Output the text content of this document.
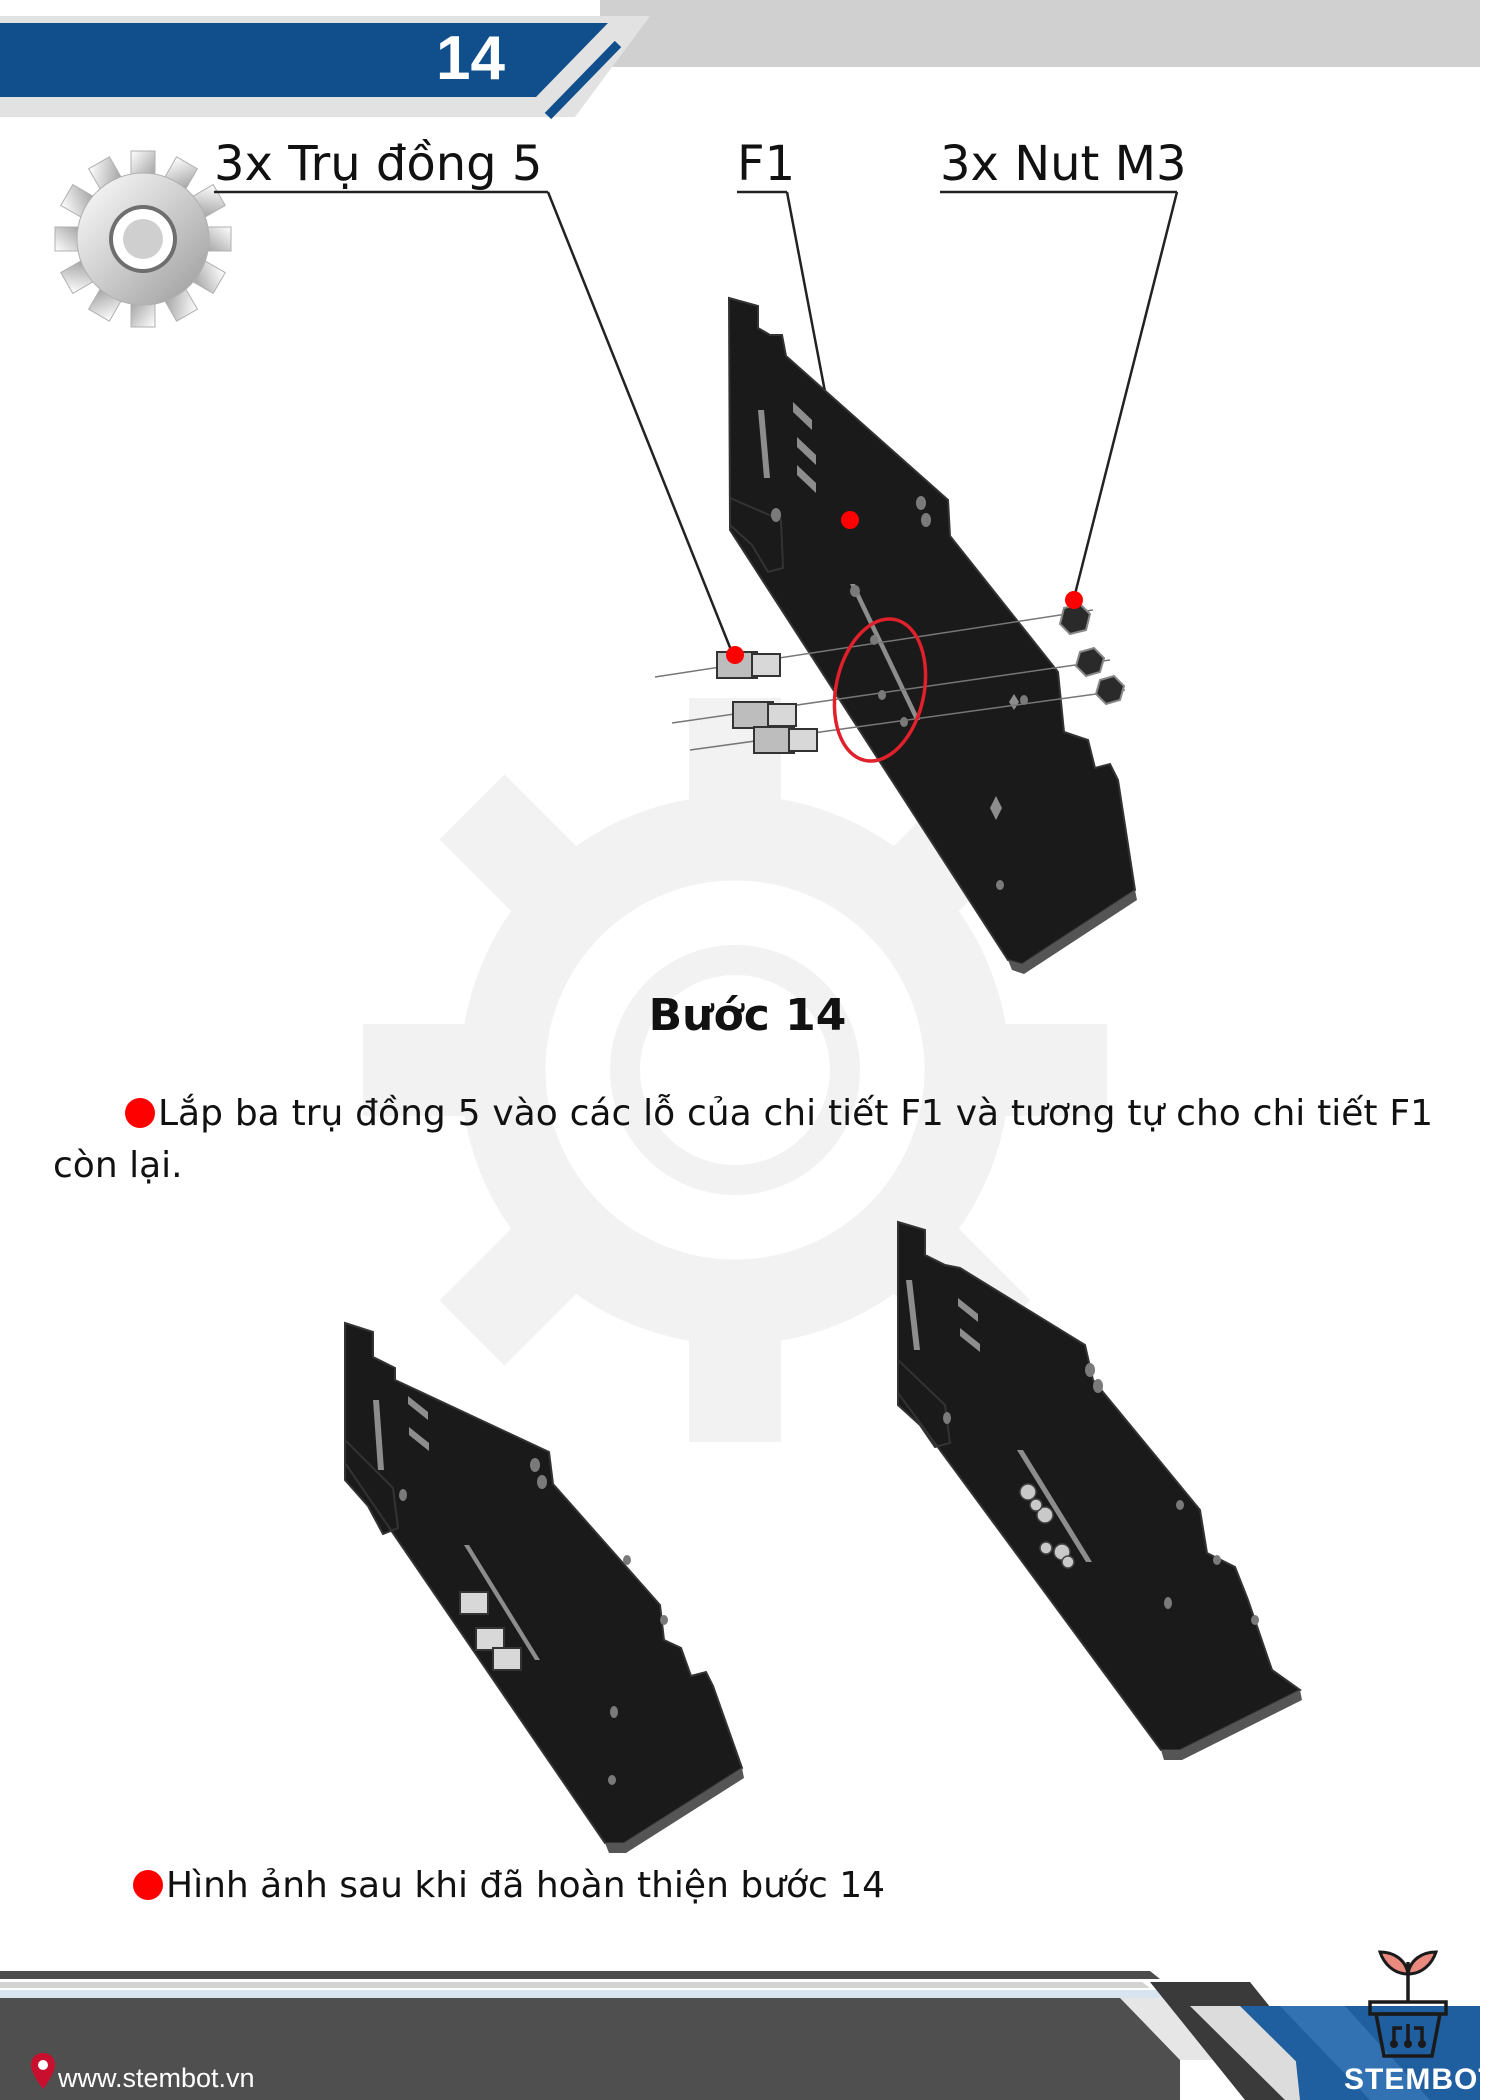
14
3x Trụ đồng 5	F1	3x Nut M3
Bước 14
Lắp ba trụ đồng 5 vào các lỗ của chi tiết F1 và tương tự cho chi tiết F1 còn lại.
Hình ảnh sau khi đã hoàn thiện bước 14
www.stembot.vn	STEMBOT
